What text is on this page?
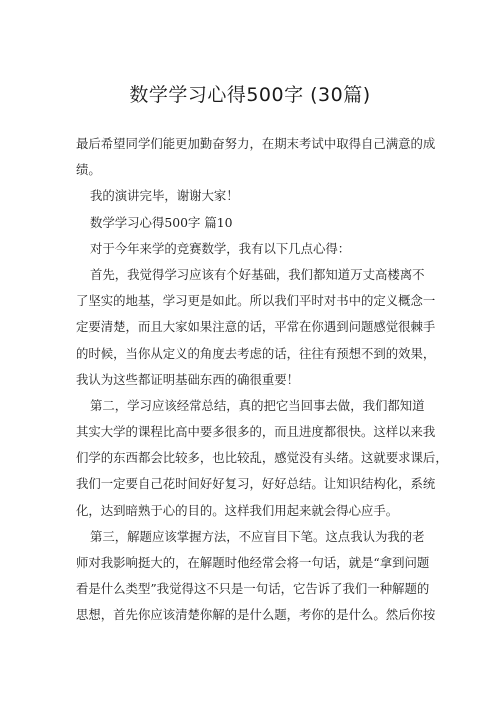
数学学习心得500字 (30篇)
最后希望同学们能更加勤奋努力，在期末考试中取得自己满意的成
绩。
我的演讲完毕，谢谢大家！
数学学习心得500字 篇10
对于今年来学的竞赛数学，我有以下几点心得：
首先，我觉得学习应该有个好基础，我们都知道万丈高楼离不
了坚实的地基，学习更是如此。所以我们平时对书中的定义概念一
定要清楚，而且大家如果注意的话，平常在你遇到问题感觉很棘手
的时候，当你从定义的角度去考虑的话，往往有预想不到的效果，
我认为这些都证明基础东西的确很重要！
第二，学习应该经常总结，真的把它当回事去做，我们都知道
其实大学的课程比高中要多很多的，而且进度都很快。这样以来我
们学的东西都会比较多，也比较乱，感觉没有头绪。这就要求课后，
我们一定要自己花时间好好复习，好好总结。让知识结构化，系统
化，达到暗熟于心的目的。这样我们用起来就会得心应手。
第三，解题应该掌握方法，不应盲目下笔。这点我认为我的老
师对我影响挺大的，在解题时他经常会将一句话，就是“拿到问题
看是什么类型”我觉得这不只是一句话，它告诉了我们一种解题的
思想，首先你应该清楚你解的是什么题，考你的是什么。然后你按
